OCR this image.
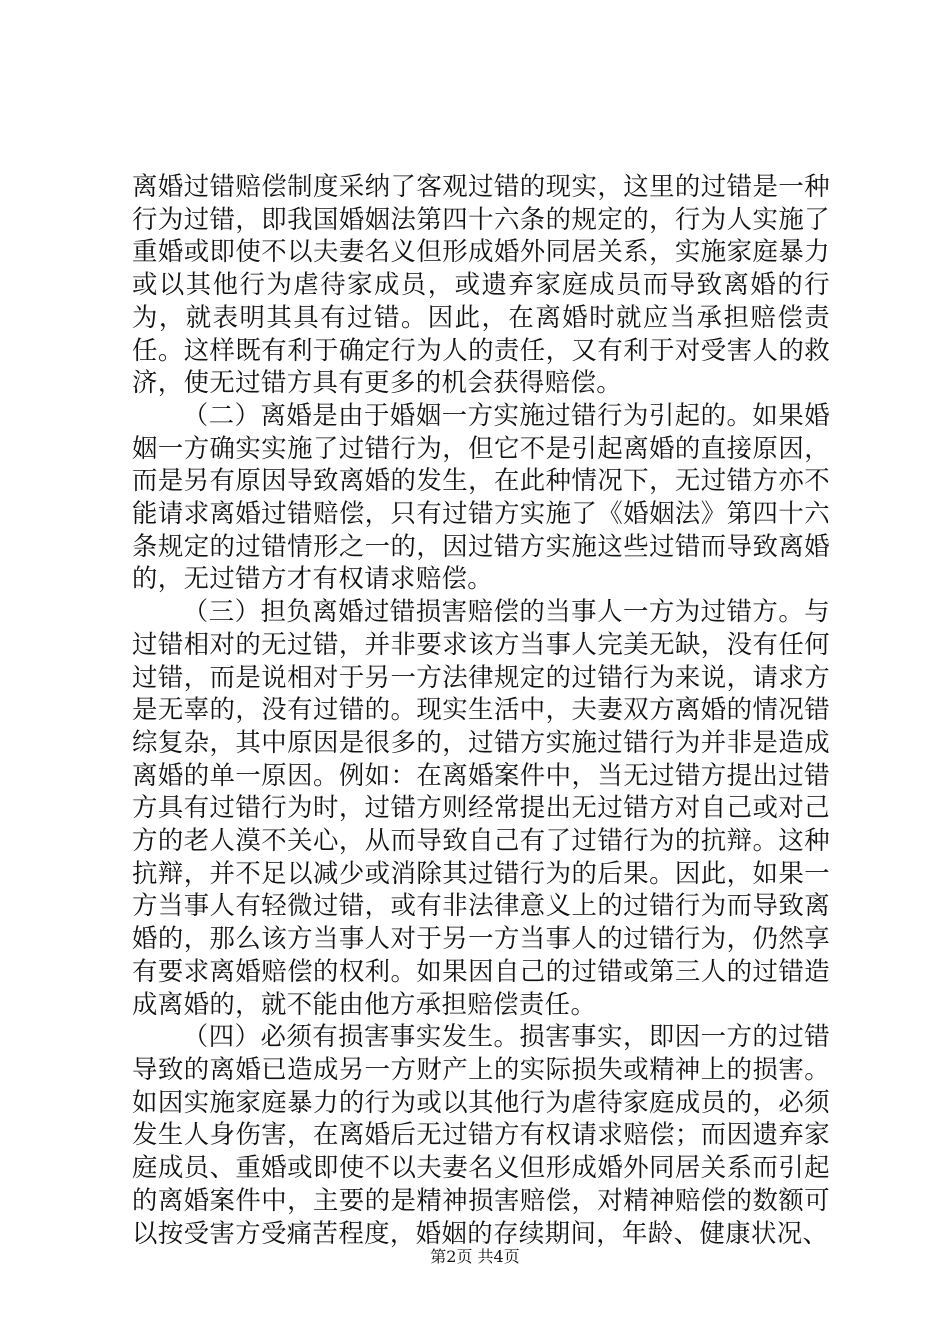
离婚过错赔偿制度采纳了客观过错的现实，这里的过错是一种行为过错，即我国婚姻法第四十六条的规定的，行为人实施了重婚或即使不以夫妻名义但形成婚外同居关系，实施家庭暴力或以其他行为虐待家成员，或遗弃家庭成员而导致离婚的行为，就表明其具有过错。因此，在离婚时就应当承担赔偿责任。这样既有利于确定行为人的责任，又有利于对受害人的救济，使无过错方具有更多的机会获得赔偿。

（二）离婚是由于婚姻一方实施过错行为引起的。如果婚姻一方确实实施了过错行为，但它不是引起离婚的直接原因，而是另有原因导致离婚的发生，在此种情况下，无过错方亦不能请求离婚过错赔偿，只有过错方实施了《婚姻法》第四十六条规定的过错情形之一的，因过错方实施这些过错而导致离婚的，无过错方才有权请求赔偿。

（三）担负离婚过错损害赔偿的当事人一方为过错方。与过错相对的无过错，并非要求该方当事人完美无缺，没有任何过错，而是说相对于另一方法律规定的过错行为来说，请求方是无辜的，没有过错的。现实生活中，夫妻双方离婚的情况错综复杂，其中原因是很多的，过错方实施过错行为并非是造成离婚的单一原因。例如：在离婚案件中，当无过错方提出过错方具有过错行为时，过错方则经常提出无过错方对自己或对己方的老人漠不关心，从而导致自己有了过错行为的抗辩。这种抗辩，并不足以减少或消除其过错行为的后果。因此，如果一方当事人有轻微过错，或有非法律意义上的过错行为而导致离婚的，那么该方当事人对于另一方当事人的过错行为，仍然享有要求离婚赔偿的权利。如果因自己的过错或第三人的过错造成离婚的，就不能由他方承担赔偿责任。

（四）必须有损害事实发生。损害事实，即因一方的过错导致的离婚已造成另一方财产上的实际损失或精神上的损害。如因实施家庭暴力的行为或以其他行为虐待家庭成员的，必须发生人身伤害，在离婚后无过错方有权请求赔偿；而因遗弃家庭成员、重婚或即使不以夫妻名义但形成婚外同居关系而引起的离婚案件中，主要的是精神损害赔偿，对精神赔偿的数额可以按受害方受痛苦程度，婚姻的存续期间，年龄、健康状况、

第2页 共4页
